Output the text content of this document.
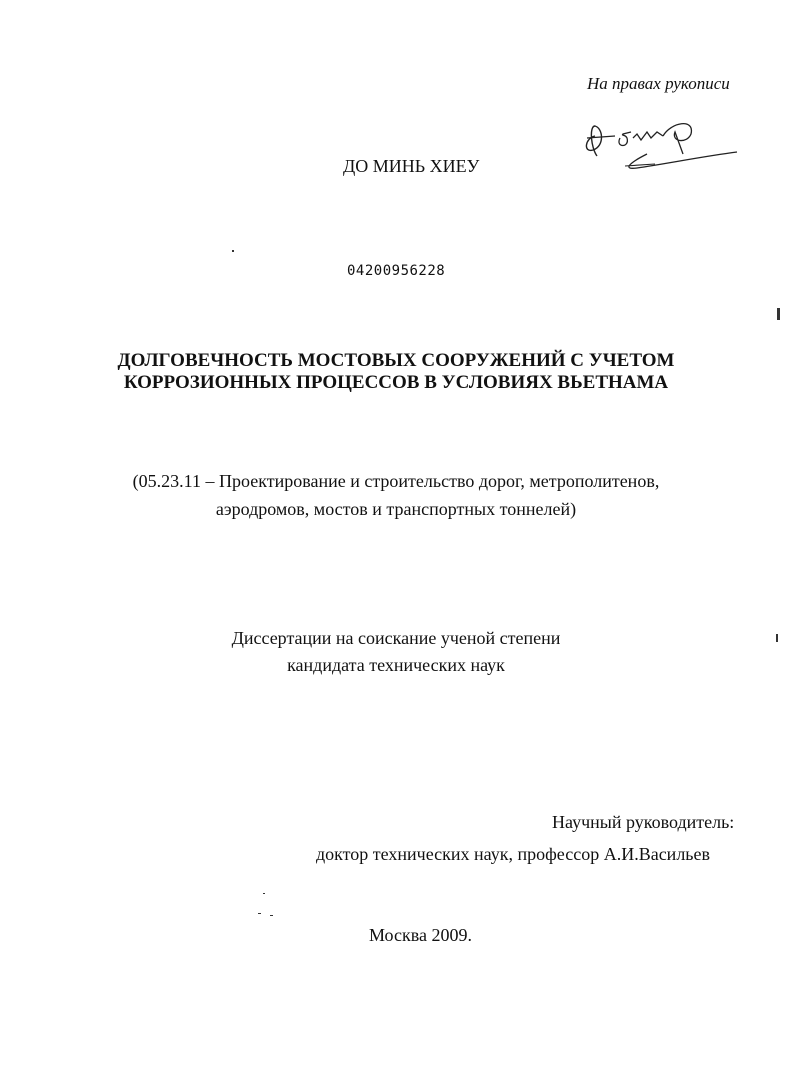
На правах рукописи
ДО МИНЬ ХИЕУ
04200956228
ДОЛГОВЕЧНОСТЬ МОСТОВЫХ СООРУЖЕНИЙ С УЧЕТОМ
КОРРОЗИОННЫХ ПРОЦЕССОВ В УСЛОВИЯХ ВЬЕТНАМА
(05.23.11 – Проектирование и строительство дорог, метрополитенов,
аэродромов, мостов и транспортных тоннелей)
Диссертации на соискание ученой степени
кандидата технических наук
Научный руководитель:
доктор технических наук, профессор А.И.Васильев
Москва 2009.
